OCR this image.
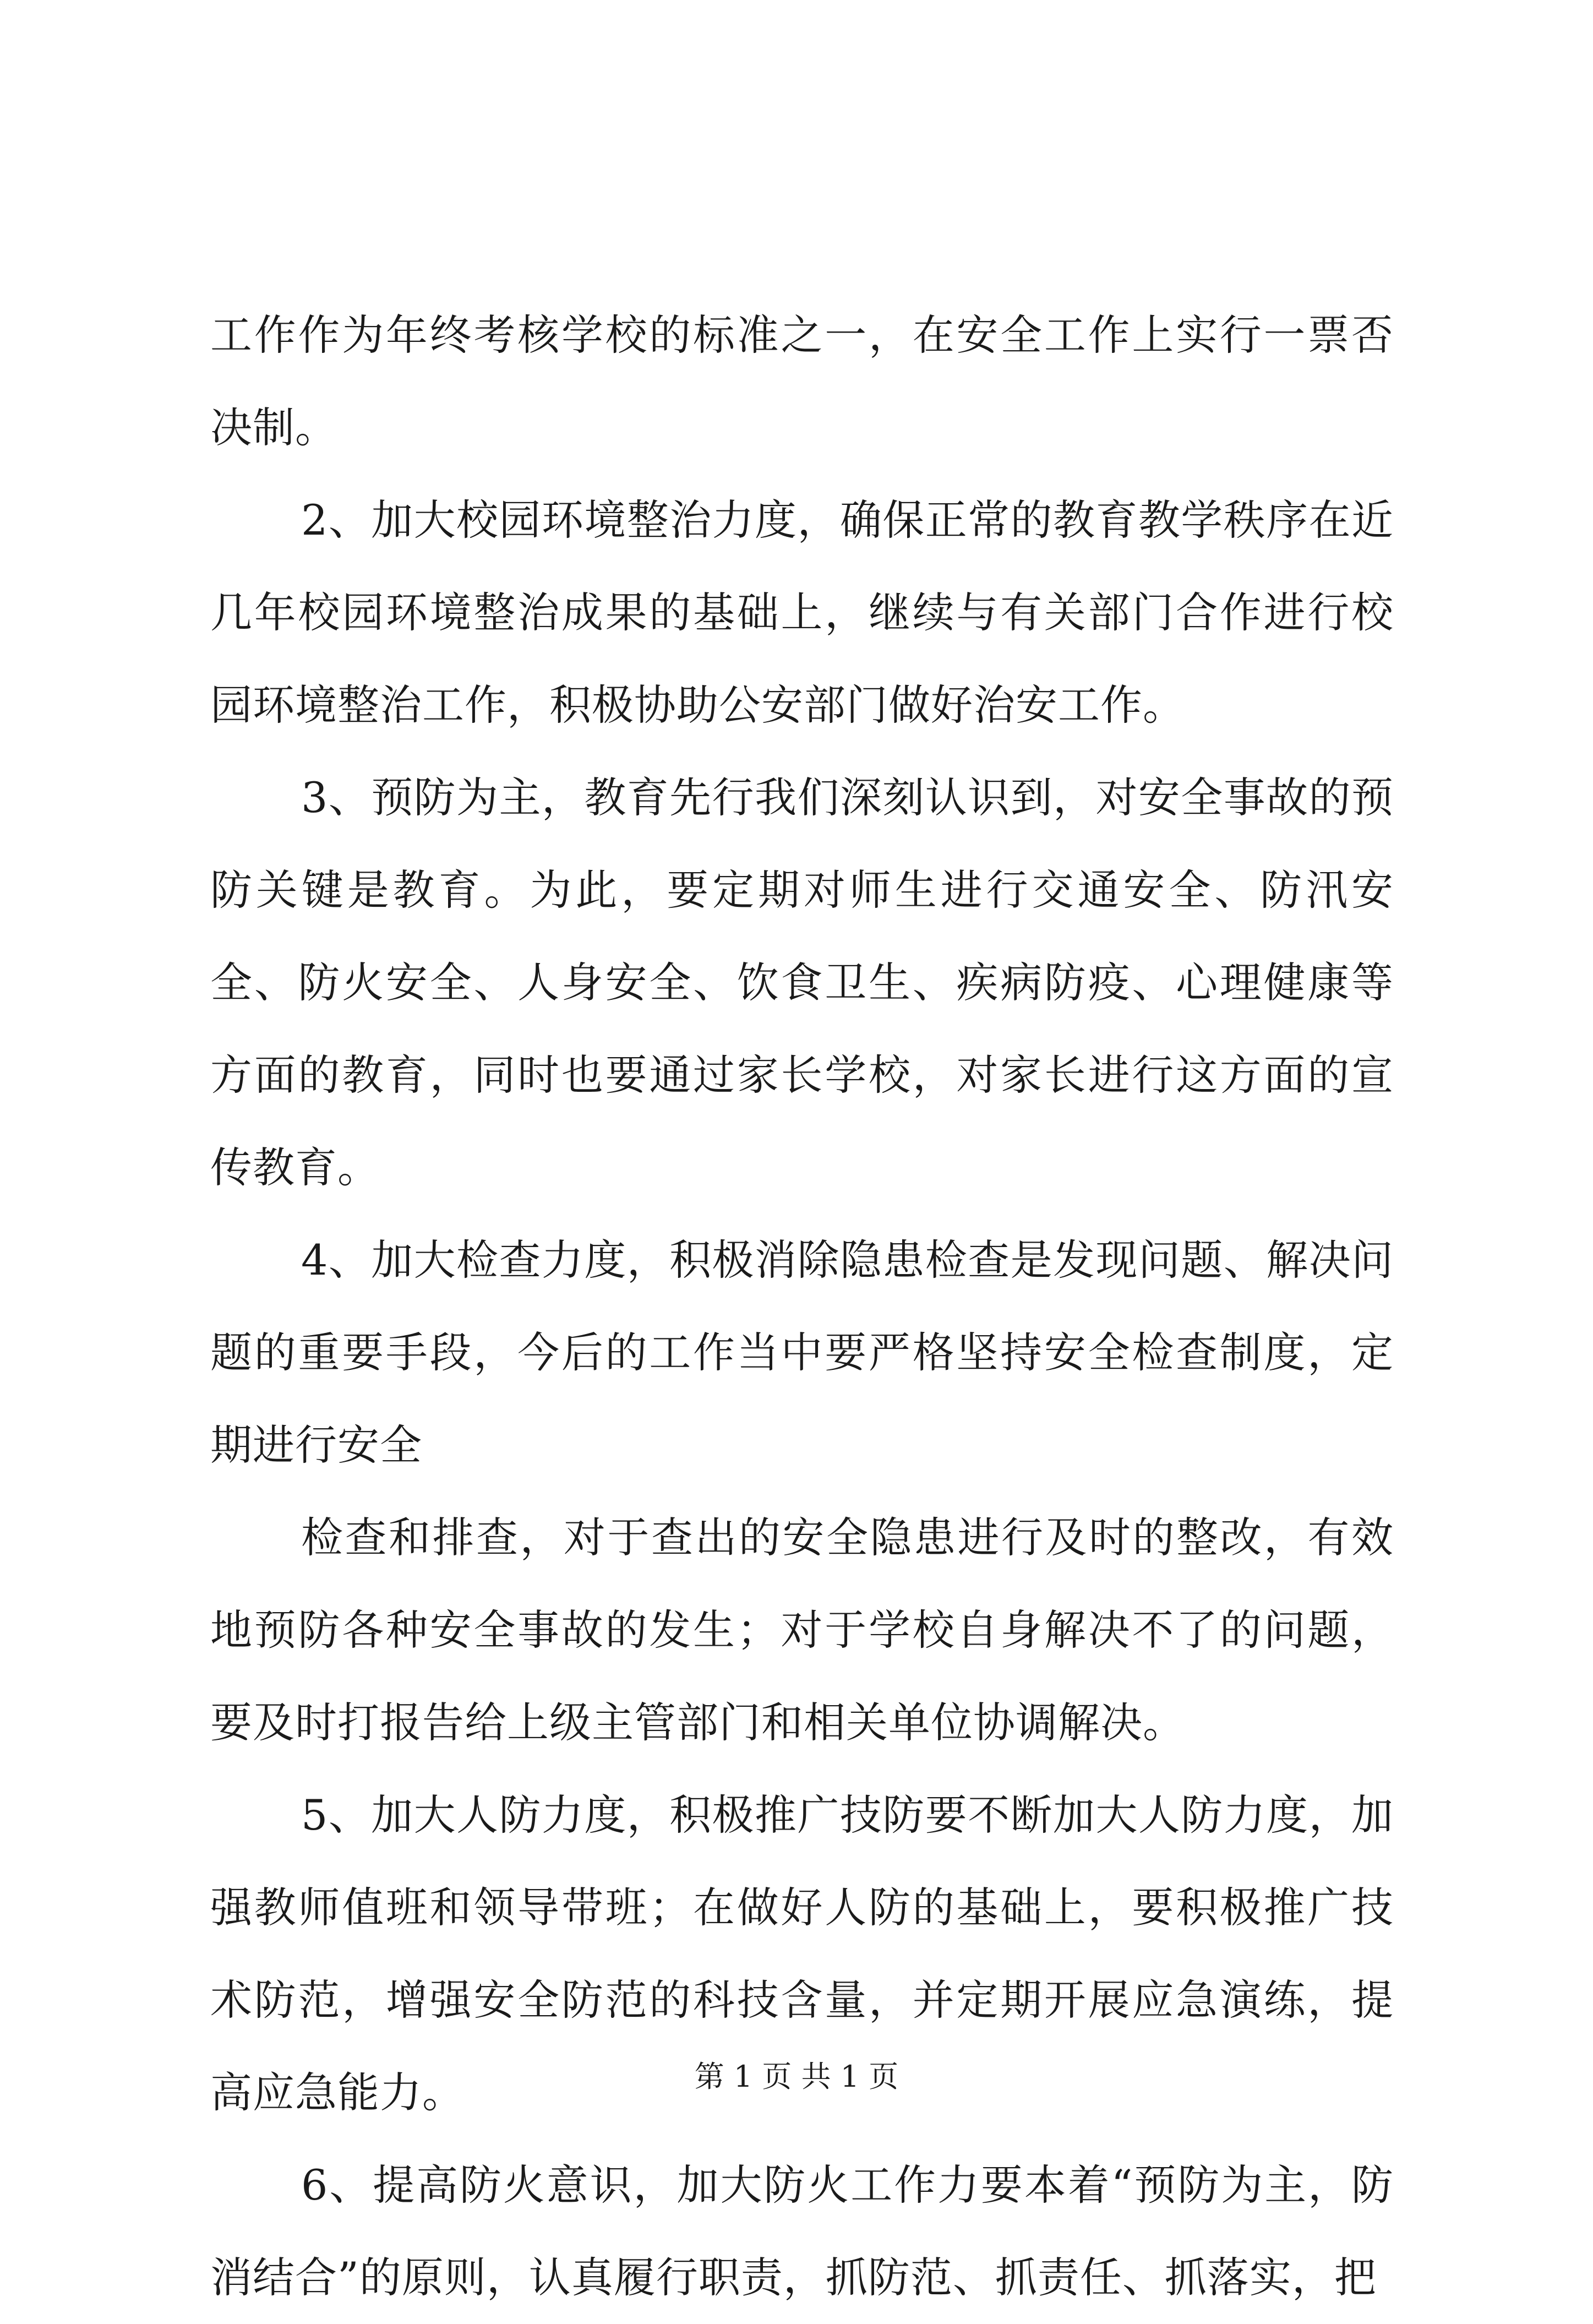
工作作为年终考核学校的标准之一，在安全工作上实行一票否决制。

2、加大校园环境整治力度，确保正常的教育教学秩序在近几年校园环境整治成果的基础上，继续与有关部门合作进行校园环境整治工作，积极协助公安部门做好治安工作。

3、预防为主，教育先行我们深刻认识到，对安全事故的预防关键是教育。为此，要定期对师生进行交通安全、防汛安全、防火安全、人身安全、饮食卫生、疾病防疫、心理健康等方面的教育，同时也要通过家长学校，对家长进行这方面的宣传教育。

4、加大检查力度，积极消除隐患检查是发现问题、解决问题的重要手段，今后的工作当中要严格坚持安全检查制度，定期进行安全

检查和排查，对于查出的安全隐患进行及时的整改，有效地预防各种安全事故的发生；对于学校自身解决不了的问题，要及时打报告给上级主管部门和相关单位协调解决。

5、加大人防力度，积极推广技防要不断加大人防力度，加强教师值班和领导带班；在做好人防的基础上，要积极推广技术防范，增强安全防范的科技含量，并定期开展应急演练，提高应急能力。

6、提高防火意识，加大防火工作力要本着“预防为主，防消结合”的原则，认真履行职责，抓防范、抓责任、抓落实，把

第 1 页 共 1 页
